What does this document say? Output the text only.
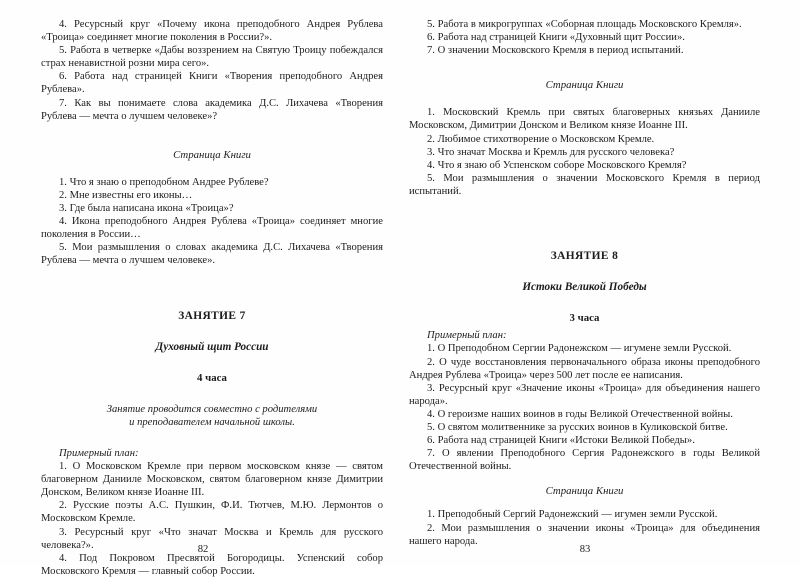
4. Ресурсный круг «Почему икона преподобного Андрея Рублева «Троица» соединяет многие поколения в России?».

5. Работа в четверке «Дабы воззрением на Святую Троицу побеждался страх ненавистной розни мира сего».

6. Работа над страницей Книги «Творения преподобного Андрея Рублева».

7. Как вы понимаете слова академика Д.С. Лихачева «Творения Рублева — мечта о лучшем человеке»?

Страница Книги

1. Что я знаю о преподобном Андрее Рублеве?

2. Мне известны его иконы…

3. Где была написана икона «Троица»?

4. Икона преподобного Андрея Рублева «Троица» соединяет многие поколения в России…

5. Мои размышления о словах академика Д.С. Лихачева «Творения Рублева — мечта о лучшем человеке».

ЗАНЯТИЕ 7

Духовный щит России

4 часа

Занятие проводится совместно с родителями

и преподавателем начальной школы.

Примерный план:

1. О Московском Кремле при первом московском князе — святом благоверном Данииле Московском, святом благоверном князе Димитрии Донском, Великом князе Иоанне III.

2. Русские поэты А.С. Пушкин, Ф.И. Тютчев, М.Ю. Лермонтов о Московском Кремле.

3. Ресурсный круг «Что значат Москва и Кремль для русского человека?».

4. Под Покровом Пресвятой Богородицы. Успенский собор Московского Кремля — главный собор России.

5. Работа в микрогруппах «Соборная площадь Московского Кремля».

6. Работа над страницей Книги «Духовный щит России».

7. О значении Московского Кремля в период испытаний.

Страница Книги

1. Московский Кремль при святых благоверных князьях Данииле Московском, Димитрии Донском и Великом князе Иоанне III.

2. Любимое стихотворение о Московском Кремле.

3. Что значат Москва и Кремль для русского человека?

4. Что я знаю об Успенском соборе Московского Кремля?

5. Мои размышления о значении Московского Кремля в период испытаний.

ЗАНЯТИЕ 8

Истоки Великой Победы

3 часа

Примерный план:

1. О Преподобном Сергии Радонежском — игумене земли Русской.

2. О чуде восстановления первоначального образа иконы преподобного Андрея Рублева «Троица» через 500 лет после ее написания.

3. Ресурсный круг «Значение иконы «Троица» для объединения нашего народа».

4. О героизме наших воинов в годы Великой Отечественной войны.

5. О святом молитвеннике за русских воинов в Куликовской битве.

6. Работа над страницей Книги «Истоки Великой Победы».

7. О явлении Преподобного Сергия Радонежского в годы Великой Отечественной войны.

Страница Книги

1. Преподобный Сергий Радонежский — игумен земли Русской.

2. Мои размышления о значении иконы «Троица» для объединения нашего народа.

82	83
